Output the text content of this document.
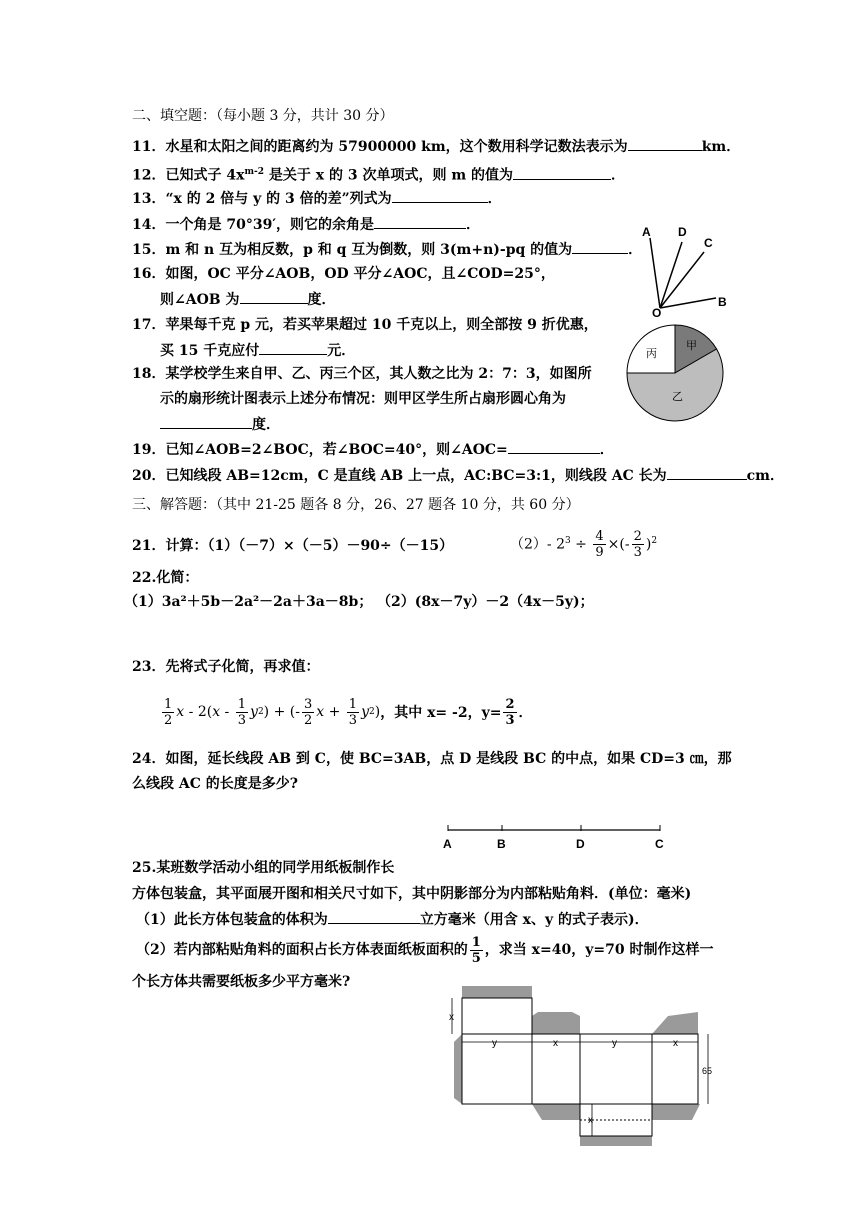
二、填空题：（每小题 3 分，共计 30 分）
11．水星和太阳之间的距离约为 57900000 km，这个数用科学记数法表示为	km．
12．已知式子 $4x^{m-2}$ 是关于 x 的 3 次单项式，则 m 的值为	．
13．“x 的 2 倍与 y 的 3 倍的差”列式为	．
14．一个角是 70°39′，则它的余角是	．
15．m 和 n 互为相反数，p 和 q 互为倒数，则 3(m+n)-pq 的值为	．
16．如图，OC 平分∠AOB，OD 平分∠AOC，且∠COD=25°，
则∠AOB 为	度．
17．苹果每千克 p 元，若买苹果超过 10 千克以上，则全部按 9 折优惠，
买 15 千克应付	元．
18．某学校学生来自甲、乙、丙三个区，其人数之比为 2：7：3，如图所
示的扇形统计图表示上述分布情况：则甲区学生所占扇形圆心角为
度．
19．已知∠AOB=2∠BOC，若∠BOC=40°，则∠AOC=	．
20．已知线段 AB=12cm，C 是直线 AB 上一点，AC:BC=3:1，则线段 AC 长为	cm．
三、解答题：（其中 21-25 题各 8 分，26、27 题各 10 分，共 60 分）
21．计算：（1）（－7）×（－5）－90÷（－15）	（2）- $2^3 \div \frac{4}{9}$ ×(- $\frac{2}{3} )^2$
22.化简：
（1）3a²＋5b－2a²－2a＋3a－8b； （2）(8x－7y）－2（4x－5y)；
23．先将式子化简，再求值：
$\frac{1}{2}$ x - 2( x - $\frac{1}{3}$ y 2 ) + (- $\frac{3}{2}$ $x + \frac{1}{3}$ y 2 ) ，其中 x= -2，$y= \frac{2}{3}$ ．
24．如图，延长线段 AB 到 C，使 BC=3AB，点 D 是线段 BC 的中点，如果 CD=3 ㎝，那
么线段 AC 的长度是多少?
25.某班数学活动小组的同学用纸板制作长
方体包装盒，其平面展开图和相关尺寸如下，其中阴影部分为内部粘贴角料．(单位：毫米)
（1）此长方体包装盒的体积为	立方毫米（用含 x、y 的式子表示)．
（2）若内部粘贴角料的面积占长方体表面纸板面积的 $\frac{1}{5}$ ，求当 x=40，y=70 时制作这样一
个长方体共需要纸板多少平方毫米?
A D
C
O
B
甲
乙
丙
A	B	D	C
x
y	x	y	x
65
x
